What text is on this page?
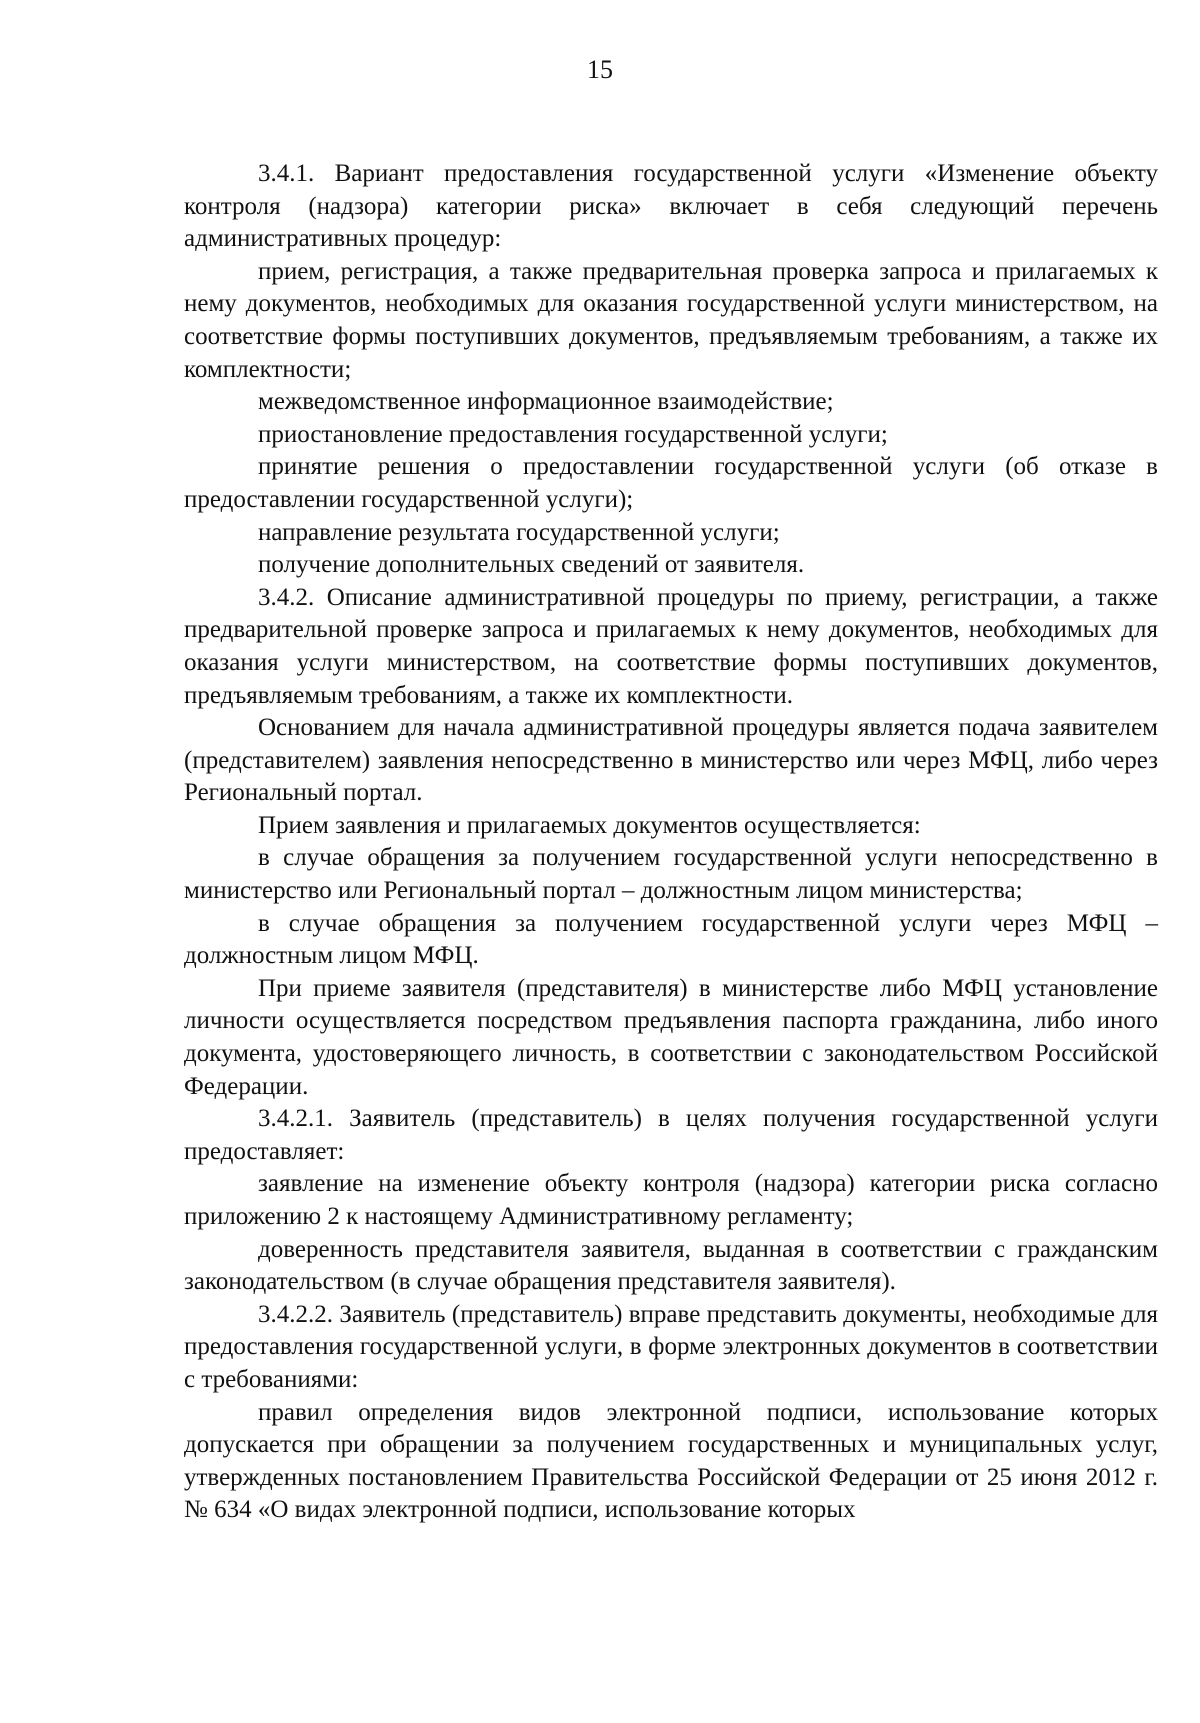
15

3.4.1. Вариант предоставления государственной услуги «Изменение объекту контроля (надзора) категории риска» включает в себя следующий перечень административных процедур:

прием, регистрация, а также предварительная проверка запроса и прилагаемых к нему документов, необходимых для оказания государственной услуги министерством, на соответствие формы поступивших документов, предъявляемым требованиям, а также их комплектности;

межведомственное информационное взаимодействие;

приостановление предоставления государственной услуги;

принятие решения о предоставлении государственной услуги (об отказе в предоставлении государственной услуги);

направление результата государственной услуги;

получение дополнительных сведений от заявителя.

3.4.2. Описание административной процедуры по приему, регистрации, а также предварительной проверке запроса и прилагаемых к нему документов, необходимых для оказания услуги министерством, на соответствие формы поступивших документов, предъявляемым требованиям, а также их комплектности.

Основанием для начала административной процедуры является подача заявителем (представителем) заявления непосредственно в министерство или через МФЦ, либо через Региональный портал.

Прием заявления и прилагаемых документов осуществляется:

в случае обращения за получением государственной услуги непосредственно в министерство или Региональный портал – должностным лицом министерства;

в случае обращения за получением государственной услуги через МФЦ – должностным лицом МФЦ.

При приеме заявителя (представителя) в министерстве либо МФЦ установление личности осуществляется посредством предъявления паспорта гражданина, либо иного документа, удостоверяющего личность, в соответствии с законодательством Российской Федерации.

3.4.2.1. Заявитель (представитель) в целях получения государственной услуги предоставляет:

заявление на изменение объекту контроля (надзора) категории риска согласно приложению 2 к настоящему Административному регламенту;

доверенность представителя заявителя, выданная в соответствии с гражданским законодательством (в случае обращения представителя заявителя).

3.4.2.2. Заявитель (представитель) вправе представить документы, необходимые для предоставления государственной услуги, в форме электронных документов в соответствии с требованиями:

правил определения видов электронной подписи, использование которых допускается при обращении за получением государственных и муниципальных услуг, утвержденных постановлением Правительства Российской Федерации от 25 июня 2012 г. № 634 «О видах электронной подписи, использование которых
